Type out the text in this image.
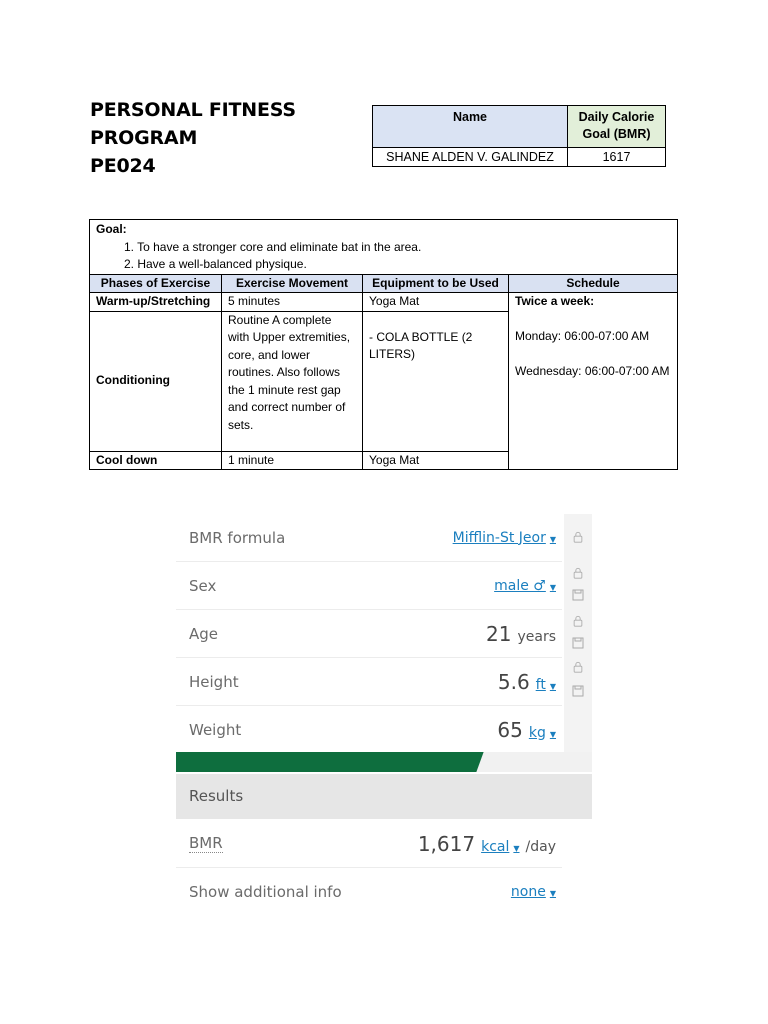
PERSONAL FITNESS PROGRAM
PE024
Name	Daily Calorie Goal (BMR)
SHANE ALDEN V. GALINDEZ	1617
Goal:
1. To have a stronger core and eliminate bat in the area.
2. Have a well-balanced physique.			

Phases of Exercise	Exercise Movement	Equipment to be Used	Schedule
Warm-up/Stretching	5 minutes	Yoga Mat	Twice a week:
Monday: 06:00-07:00 AM
Wednesday: 06:00-07:00 AM

Conditioning	Routine A complete with Upper extremities, core, and lower routines. Also follows the 1 minute rest gap and correct number of sets.	- COLA BOTTLE (2 LITERS)	
Cool down	1 minute	Yoga Mat	
BMR formula	Mifflin-St Jeor ▼
Sex	male ♂ ▼
Age	21 years
Height	5.6 ft ▼
Weight	65 kg ▼
Results
BMR	1,617 kcal ▼ /day
Show additional info	none ▼
